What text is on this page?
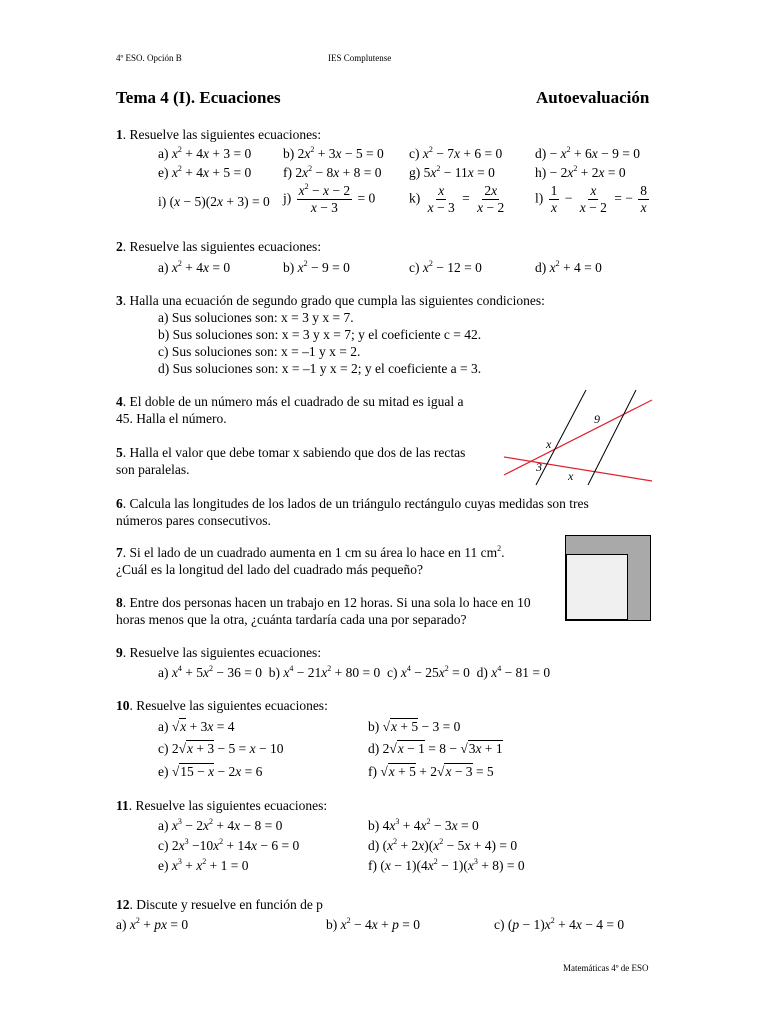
4º ESO. Opción B	IES Complutense
Tema 4 (I). Ecuaciones	Autoevaluación
1. Resuelve las siguientes ecuaciones:
a) $x^2 + 4x + 3 = 0$ b) $2x^2 + 3x - 5 = 0$ c) $x^2 - 7x + 6 = 0$ $d) - x^2 + 6x - 9 = 0$
e) $x^2 + 4x + 5 = 0$ f) $2x^2 - 8x + 8 = 0$ g) $5x^2 - 11x = 0$	$h) - 2x^2 + 2x = 0$
i) (x − 5)(2x + 3) = 0 $j) \frac{x^2 - x - 2}{x - 3} = 0$	$k) \frac{x}{x - 3} = \frac{2x}{x - 2} l) \frac{1}{x} - \frac{x}{x - 2}$ = − $\frac{8}{x}$
2. Resuelve las siguientes ecuaciones:
a) $x^2 + 4x = 0$	b) $x^2 - 9 = 0$	c) $x^2 - 12 = 0$	d) $x^2 + 4 = 0$
3. Halla una ecuación de segundo grado que cumpla las siguientes condiciones:
a) Sus soluciones son: x = 3 y x = 7.
b) Sus soluciones son: x = 3 y x = 7; y el coeficiente c = 42.
c) Sus soluciones son: x = –1 y x = 2.
d) Sus soluciones son: x = –1 y x = 2; y el coeficiente a = 3.
4. El doble de un número más el cuadrado de su mitad es igual a
45. Halla el número.
5. Halla el valor que debe tomar x sabiendo que dos de las rectas
son paralelas.
9
x
3
x
6. Calcula las longitudes de los lados de un triángulo rectángulo cuyas medidas son tres
números pares consecutivos.
7. Si el lado de un cuadrado aumenta en 1 cm su área lo hace en 11 $cm^2$.
¿Cuál es la longitud del lado del cuadrado más pequeño?
8. Entre dos personas hacen un trabajo en 12 horas. Si una sola lo hace en 10
horas menos que la otra, ¿cuánta tardaría cada una por separado?
9. Resuelve las siguientes ecuaciones:
a) $x^4 + 5x^2 - 36 = 0$  b) $x^4 - 21x^2 + 80 = 0$  c) $x^4 - 25x^2 = 0$  d) $x^4 - 81 = 0$
10. Resuelve las siguientes ecuaciones:
a) √x + 3x = 4	b) √x + 5 − 3 = 0
c) 2√x + 3 − 5 = x − 10	d) 2√x − 1 = 8 − √3x + 1
e) √15 − x − 2x = 6	f) √x + 5 + 2√x − 3 = 5
11. Resuelve las siguientes ecuaciones:
a) $x^3 - 2x^2 + 4x - 8 = 0$	b) $4x^3 + 4x^2 - 3x = 0$
c) $2x^3 -10x^2 + 14x - 6 = 0$	d) $(x^2 + 2x)(x^2 - 5x + 4) = 0$
e) $x^3 + x^2 + 1 = 0$	f) $(x - 1)(4x^2 - 1)(x^3 + 8) = 0$
12. Discute y resuelve en función de p
a) $x^2$ + px = 0	b) $x^2 - 4x + p = 0$	c) $(p - 1)x^2 + 4x - 4 = 0$
Matemáticas 4º de ESO
